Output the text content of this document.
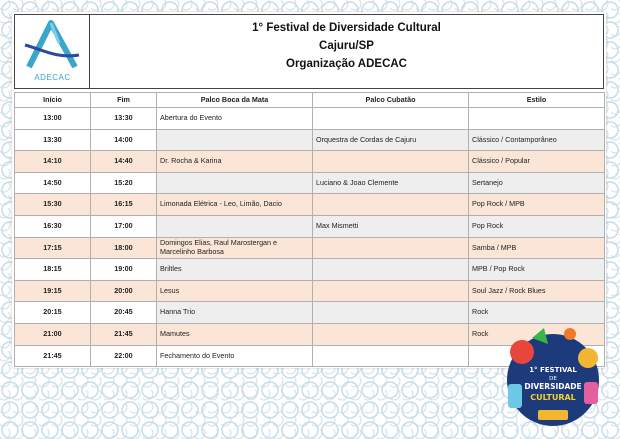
ADECAC
1° Festival de Diversidade Cultural
Cajuru/SP
Organização ADECAC
Início	Fim	Palco Boca da Mata	Palco Cubatão	Estilo
13:00	13:30	Abertura do Evento		
13:30	14:00		Orquestra de Cordas de Cajuru	Clássico / Contamporâneo
14:10	14:40	Dr. Rocha & Karina		Clássico / Popular
14:50	15:20		Luciano & Joao Clemente	Sertanejo
15:30	16:15	Limonada Elétrica - Leo, Limão, Dacio		Pop Rock / MPB
16:30	17:00		Max Mismetti	Pop Rock
17:15	18:00	Domingos Elias, Raul Marostergan e Marcelinho Barbosa		Samba / MPB
18:15	19:00	Briltles		MPB / Pop Rock
19:15	20:00	Lesus		Soul Jazz / Rock Blues
20:15	20:45	Hanna Trio		Rock
21:00	21:45	Mamutes		Rock
21:45	22:00	Fechamento do Evento		
1° FESTIVAL
DE
DIVERSIDADE
CULTURAL
